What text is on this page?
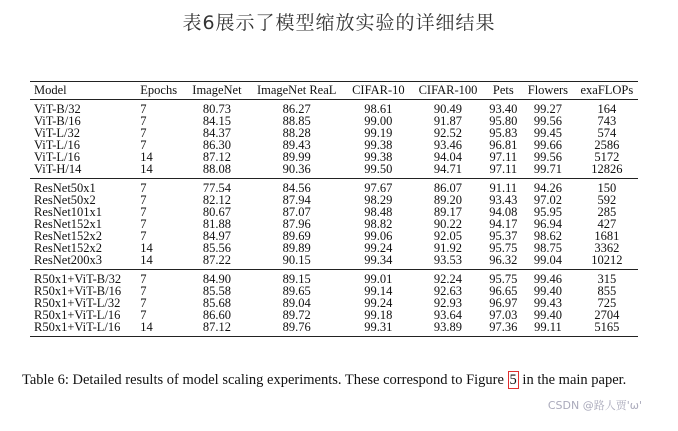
表6展示了模型缩放实验的详细结果
Model	Epochs	ImageNet	ImageNet ReaL	CIFAR-10	CIFAR-100	Pets	Flowers	exaFLOPs
ViT-B/32	7	80.73	86.27	98.61	90.49	93.40	99.27	164
ViT-B/16	7	84.15	88.85	99.00	91.87	95.80	99.56	743
ViT-L/32	7	84.37	88.28	99.19	92.52	95.83	99.45	574
ViT-L/16	7	86.30	89.43	99.38	93.46	96.81	99.66	2586
ViT-L/16	14	87.12	89.99	99.38	94.04	97.11	99.56	5172
ViT-H/14	14	88.08	90.36	99.50	94.71	97.11	99.71	12826
ResNet50x1	7	77.54	84.56	97.67	86.07	91.11	94.26	150
ResNet50x2	7	82.12	87.94	98.29	89.20	93.43	97.02	592
ResNet101x1	7	80.67	87.07	98.48	89.17	94.08	95.95	285
ResNet152x1	7	81.88	87.96	98.82	90.22	94.17	96.94	427
ResNet152x2	7	84.97	89.69	99.06	92.05	95.37	98.62	1681
ResNet152x2	14	85.56	89.89	99.24	91.92	95.75	98.75	3362
ResNet200x3	14	87.22	90.15	99.34	93.53	96.32	99.04	10212
R50x1+ViT-B/32	7	84.90	89.15	99.01	92.24	95.75	99.46	315
R50x1+ViT-B/16	7	85.58	89.65	99.14	92.63	96.65	99.40	855
R50x1+ViT-L/32	7	85.68	89.04	99.24	92.93	96.97	99.43	725
R50x1+ViT-L/16	7	86.60	89.72	99.18	93.64	97.03	99.40	2704
R50x1+ViT-L/16	14	87.12	89.76	99.31	93.89	97.36	99.11	5165
Table 6: Detailed results of model scaling experiments. These correspond to Figure 5 in the main paper.
CSDN @路人贾'ω'
